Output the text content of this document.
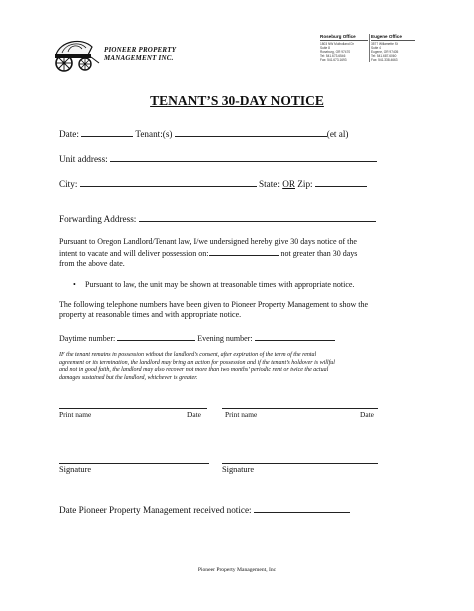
PIONEER PROPERTY
MANAGEMENT INC.
Roseburg Office
1803 NW Mulholland Dr
Suite 8
Roseburg, OR 97470
Tel: 541.673.6546
Fax: 541.673.1693
Eugene Office
3577 Willamette St
Suite 4
Eugene, OR 97405
Tel: 541.687.6060
Fax: 541.338.4663
TENANT’S 30-DAY NOTICE
Date:	Tenant:(s)	(et al)
Unit address:
City:	State: OR Zip:
Forwarding Address:
Pursuant to Oregon Landlord/Tenant law, I/we undersigned hereby give 30 days notice of the
intent to vacate and will deliver possession on:	not greater than 30 days
from the above date.
• Pursuant to law, the unit may be shown at treasonable times with appropriate notice.
The following telephone numbers have been given to Pioneer Property Management to show the
property at reasonable times and with appropriate notice.
Daytime number:	Evening number:
IF the tenant remains in possession without the landlord’s consent, after expiration of the term of the rental
agreement or its termination, the landlord may bring an action for possession and if the tenant’s holdover is willful
and not in good faith, the landlord may also recover not more than two months’ periodic rent or twice the actual
damages sustained but the landlord, whichever is greater.
Print name	Date	Print name	Date
Signature	Signature
Date Pioneer Property Management received notice:
Pioneer Property Management, Inc
